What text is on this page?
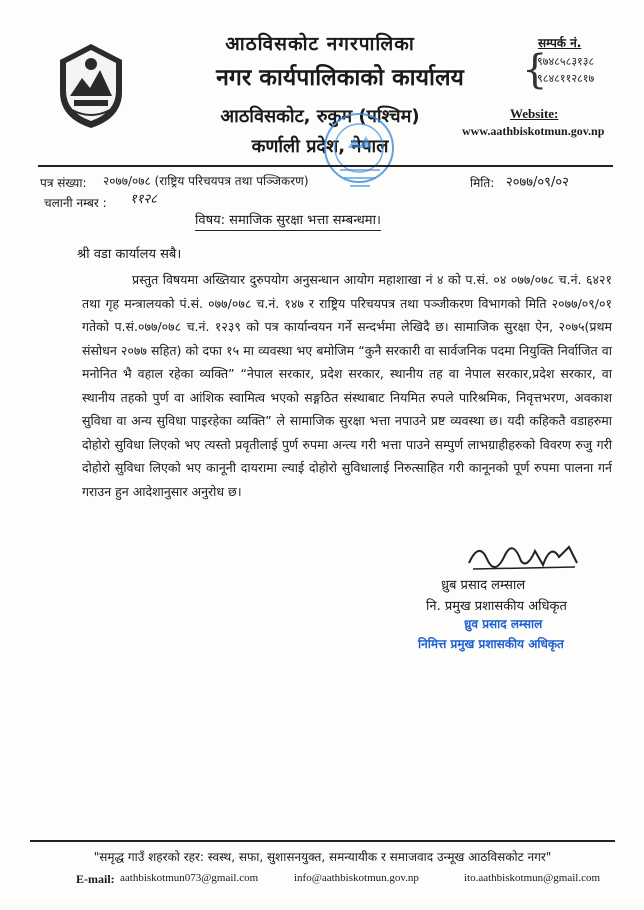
आठविसकोट नगरपालिका
नगर कार्यपालिकाको कार्यालय
आठविसकोट, रुकुम (पश्चिम)
कर्णाली प्रदेश, नेपाल
सम्पर्क नं.
{
९७४८५८३१३८
९८४८११२८१७
Website:
www.aathbiskotmun.gov.np
पत्र संख्या: २०७७/०७८ (राष्ट्रिय परिचयपत्र तथा पञ्जिकरण)	मिति: २०७७/०९/०२
चलानी नम्बर : ११२८
विषय: समाजिक सुरक्षा भत्ता सम्बन्धमा।
श्री वडा कार्यालय सबै।

प्रस्तुत विषयमा अख्तियार दुरुपयोग अनुसन्धान आयोग महाशाखा नं ४ को प.सं. ०४ ०७७/०७८ च.नं. ६४२१ तथा गृह मन्त्रालयको पं.सं. ०७७/०७८ च.नं. १४७ र राष्ट्रिय परिचयपत्र तथा पञ्जीकरण विभागको मिति २०७७/०९/०१ गतेको प.सं.०७७/०७८ च.नं. १२३९ को पत्र कार्यान्वयन गर्ने सन्दर्भमा लेखिदै छ। सामाजिक सुरक्षा ऐन, २०७५(प्रथम संसोधन २०७७ सहित) को दफा १५ मा व्यवस्था भए बमोजिम “कुनै सरकारी वा सार्वजनिक पदमा नियुक्ति निर्वाजित वा मनोनित भै वहाल रहेका व्यक्ति” “नेपाल सरकार, प्रदेश सरकार, स्थानीय तह वा नेपाल सरकार,प्रदेश सरकार, वा स्थानीय तहको पुर्ण वा आंशिक स्वामित्व भएको सङ्गठित संस्थाबाट नियमित रुपले पारिश्रमिक, निवृत्तभरण, अवकाश सुविधा वा अन्य सुविधा पाइरहेका व्यक्ति” ले सामाजिक सुरक्षा भत्ता नपाउने प्रष्ट व्यवस्था छ। यदी कहिकतै वडाहरुमा दोहोरो सुविधा लिएको भए त्यस्तो प्रवृतीलाई पुर्ण रुपमा अन्त्य गरी भत्ता पाउने सम्पुर्ण लाभग्राहीहरुको विवरण रुजु गरी दोहोरो सुविधा लिएको भए कानूनी दायरामा ल्याई दोहोरो सुविधालाई निरुत्साहित गरी कानूनको पूर्ण रुपमा पालना गर्न गराउन हुन आदेशानुसार अनुरोध छ।

ध्रुब प्रसाद लम्साल
नि. प्रमुख प्रशासकीय अधिकृत
ध्रुव प्रसाद लम्साल
निमित्त प्रमुख प्रशासकीय अधिकृत
"समृद्ध गाउँ शहरको रहर: स्वस्थ, सफा, सुशासनयुक्त, समन्यायीक र समाजवाद उन्मूख आठविसकोट नगर"
E-mail: aathbiskotmun073@gmail.com	info@aathbiskotmun.gov.np	ito.aathbiskotmun@gmail.com
